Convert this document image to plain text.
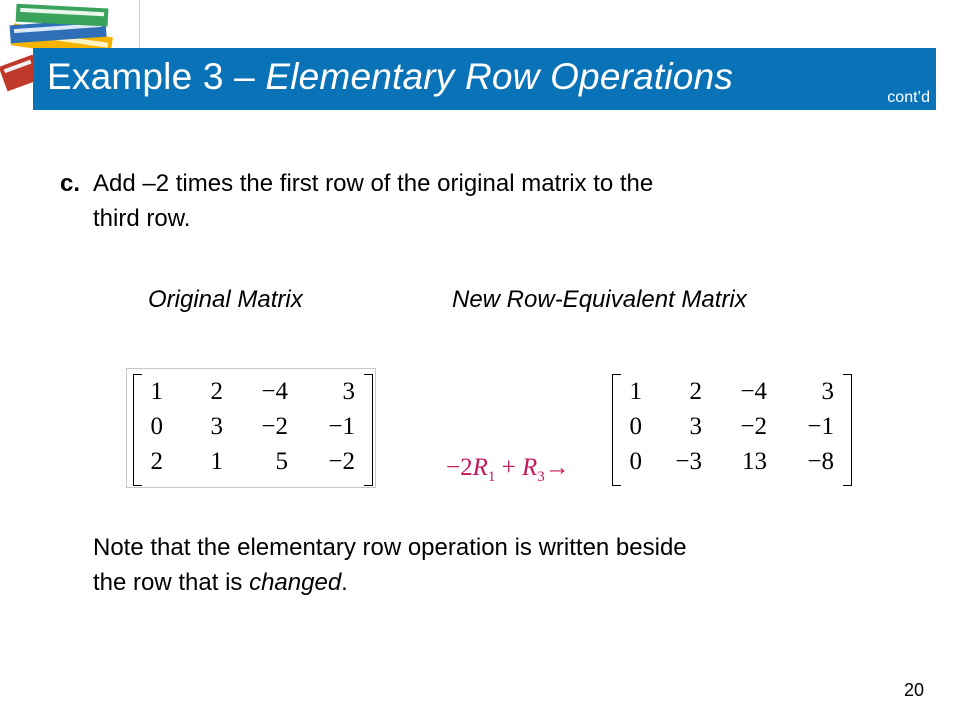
Example 3 – Elementary Row Operations
cont’d
c. Add –2 times the first row of the original matrix to the
third row.
Original Matrix	New Row-Equivalent Matrix
1	2	−4	3
0	3	−2	−1
2	1	5	−2	$-2R_1 + R_3\to$
1	2	−4	3
0	3	−2	−1
0	−3	13	−8
Note that the elementary row operation is written beside
the row that is changed.
20
